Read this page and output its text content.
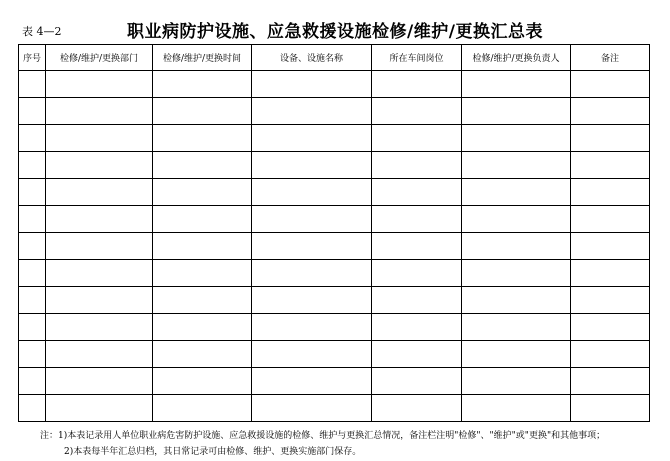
表 4—2	职业病防护设施、应急救援设施检修/维护/更换汇总表
序号	检修/维护/更换部门	检修/维护/更换时间	设备、设施名称	所在车间岗位	检修/维护/更换负责人	备注

注：1)本表记录用人单位职业病危害防护设施、应急救援设施的检修、维护与更换汇总情况，备注栏注明"检修"、"维护"或"更换"和其他事项；
2)本表每半年汇总归档，其日常记录可由检修、维护、更换实施部门保存。
